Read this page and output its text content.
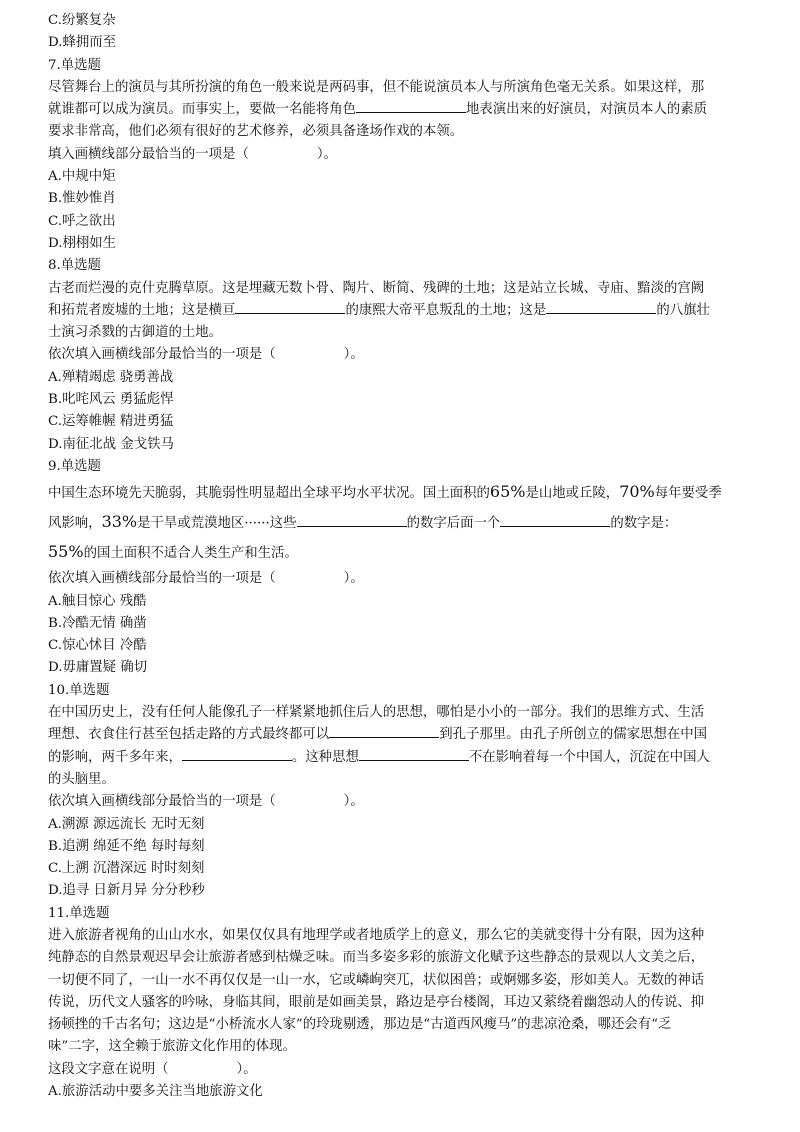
C.纷繁复杂
D.蜂拥而至
7.单选题
尽管舞台上的演员与其所扮演的角色一般来说是两码事，但不能说演员本人与所演角色毫无关系。如果这样，那
就谁都可以成为演员。而事实上，要做一名能将角色	地表演出来的好演员，对演员本人的素质
要求非常高，他们必须有很好的艺术修养，必须具备逢场作戏的本领。
填入画横线部分最恰当的一项是（	）。
A.中规中矩
B.惟妙惟肖
C.呼之欲出
D.栩栩如生
8.单选题
古老而烂漫的克什克腾草原。这是埋藏无数卜骨、陶片、断简、残碑的土地；这是站立长城、寺庙、黯淡的宫阙
和拓荒者废墟的土地；这是横亘	的康熙大帝平息叛乱的土地；这是	的八旗壮
士演习杀戮的古御道的土地。
依次填入画横线部分最恰当的一项是（	）。
A.殚精竭虑 骁勇善战
B.叱咤风云 勇猛彪悍
C.运筹帷幄 精进勇猛
D.南征北战 金戈铁马
9.单选题
中国生态环境先天脆弱，其脆弱性明显超出全球平均水平状况。国土面积的65%是山地或丘陵，70%每年要受季
风影响，33%是干旱或荒漠地区······这些	的数字后面一个	的数字是：
55%的国土面积不适合人类生产和生活。
依次填入画横线部分最恰当的一项是（	）。
A.触目惊心 残酷
B.冷酷无情 确凿
C.惊心怵目 冷酷
D.毋庸置疑 确切
10.单选题
在中国历史上，没有任何人能像孔子一样紧紧地抓住后人的思想，哪怕是小小的一部分。我们的思维方式、生活
理想、衣食住行甚至包括走路的方式最终都可以	到孔子那里。由孔子所创立的儒家思想在中国
的影响，两千多年来，	。这种思想	不在影响着每一个中国人，沉淀在中国人
的头脑里。
依次填入画横线部分最恰当的一项是（	）。
A.溯源 源远流长 无时无刻
B.追溯 绵延不绝 每时每刻
C.上溯 沉潜深远 时时刻刻
D.追寻 日新月异 分分秒秒
11.单选题
进入旅游者视角的山山水水，如果仅仅具有地理学或者地质学上的意义，那么它的美就变得十分有限，因为这种
纯静态的自然景观迟早会让旅游者感到枯燥乏味。而当多姿多彩的旅游文化赋予这些静态的景观以人文美之后，
一切便不同了，一山一水不再仅仅是一山一水，它或嶙峋突兀，状似困兽；或婀娜多姿，形如美人。无数的神话
传说，历代文人骚客的吟咏，身临其间，眼前是如画美景，路边是亭台楼阁，耳边又萦绕着幽怨动人的传说、抑
扬顿挫的千古名句；这边是“小桥流水人家”的玲珑剔透，那边是“古道西风瘦马”的悲凉沧桑，哪还会有“乏
味”二字，这全赖于旅游文化作用的体现。
这段文字意在说明（	）。
A.旅游活动中要多关注当地旅游文化
